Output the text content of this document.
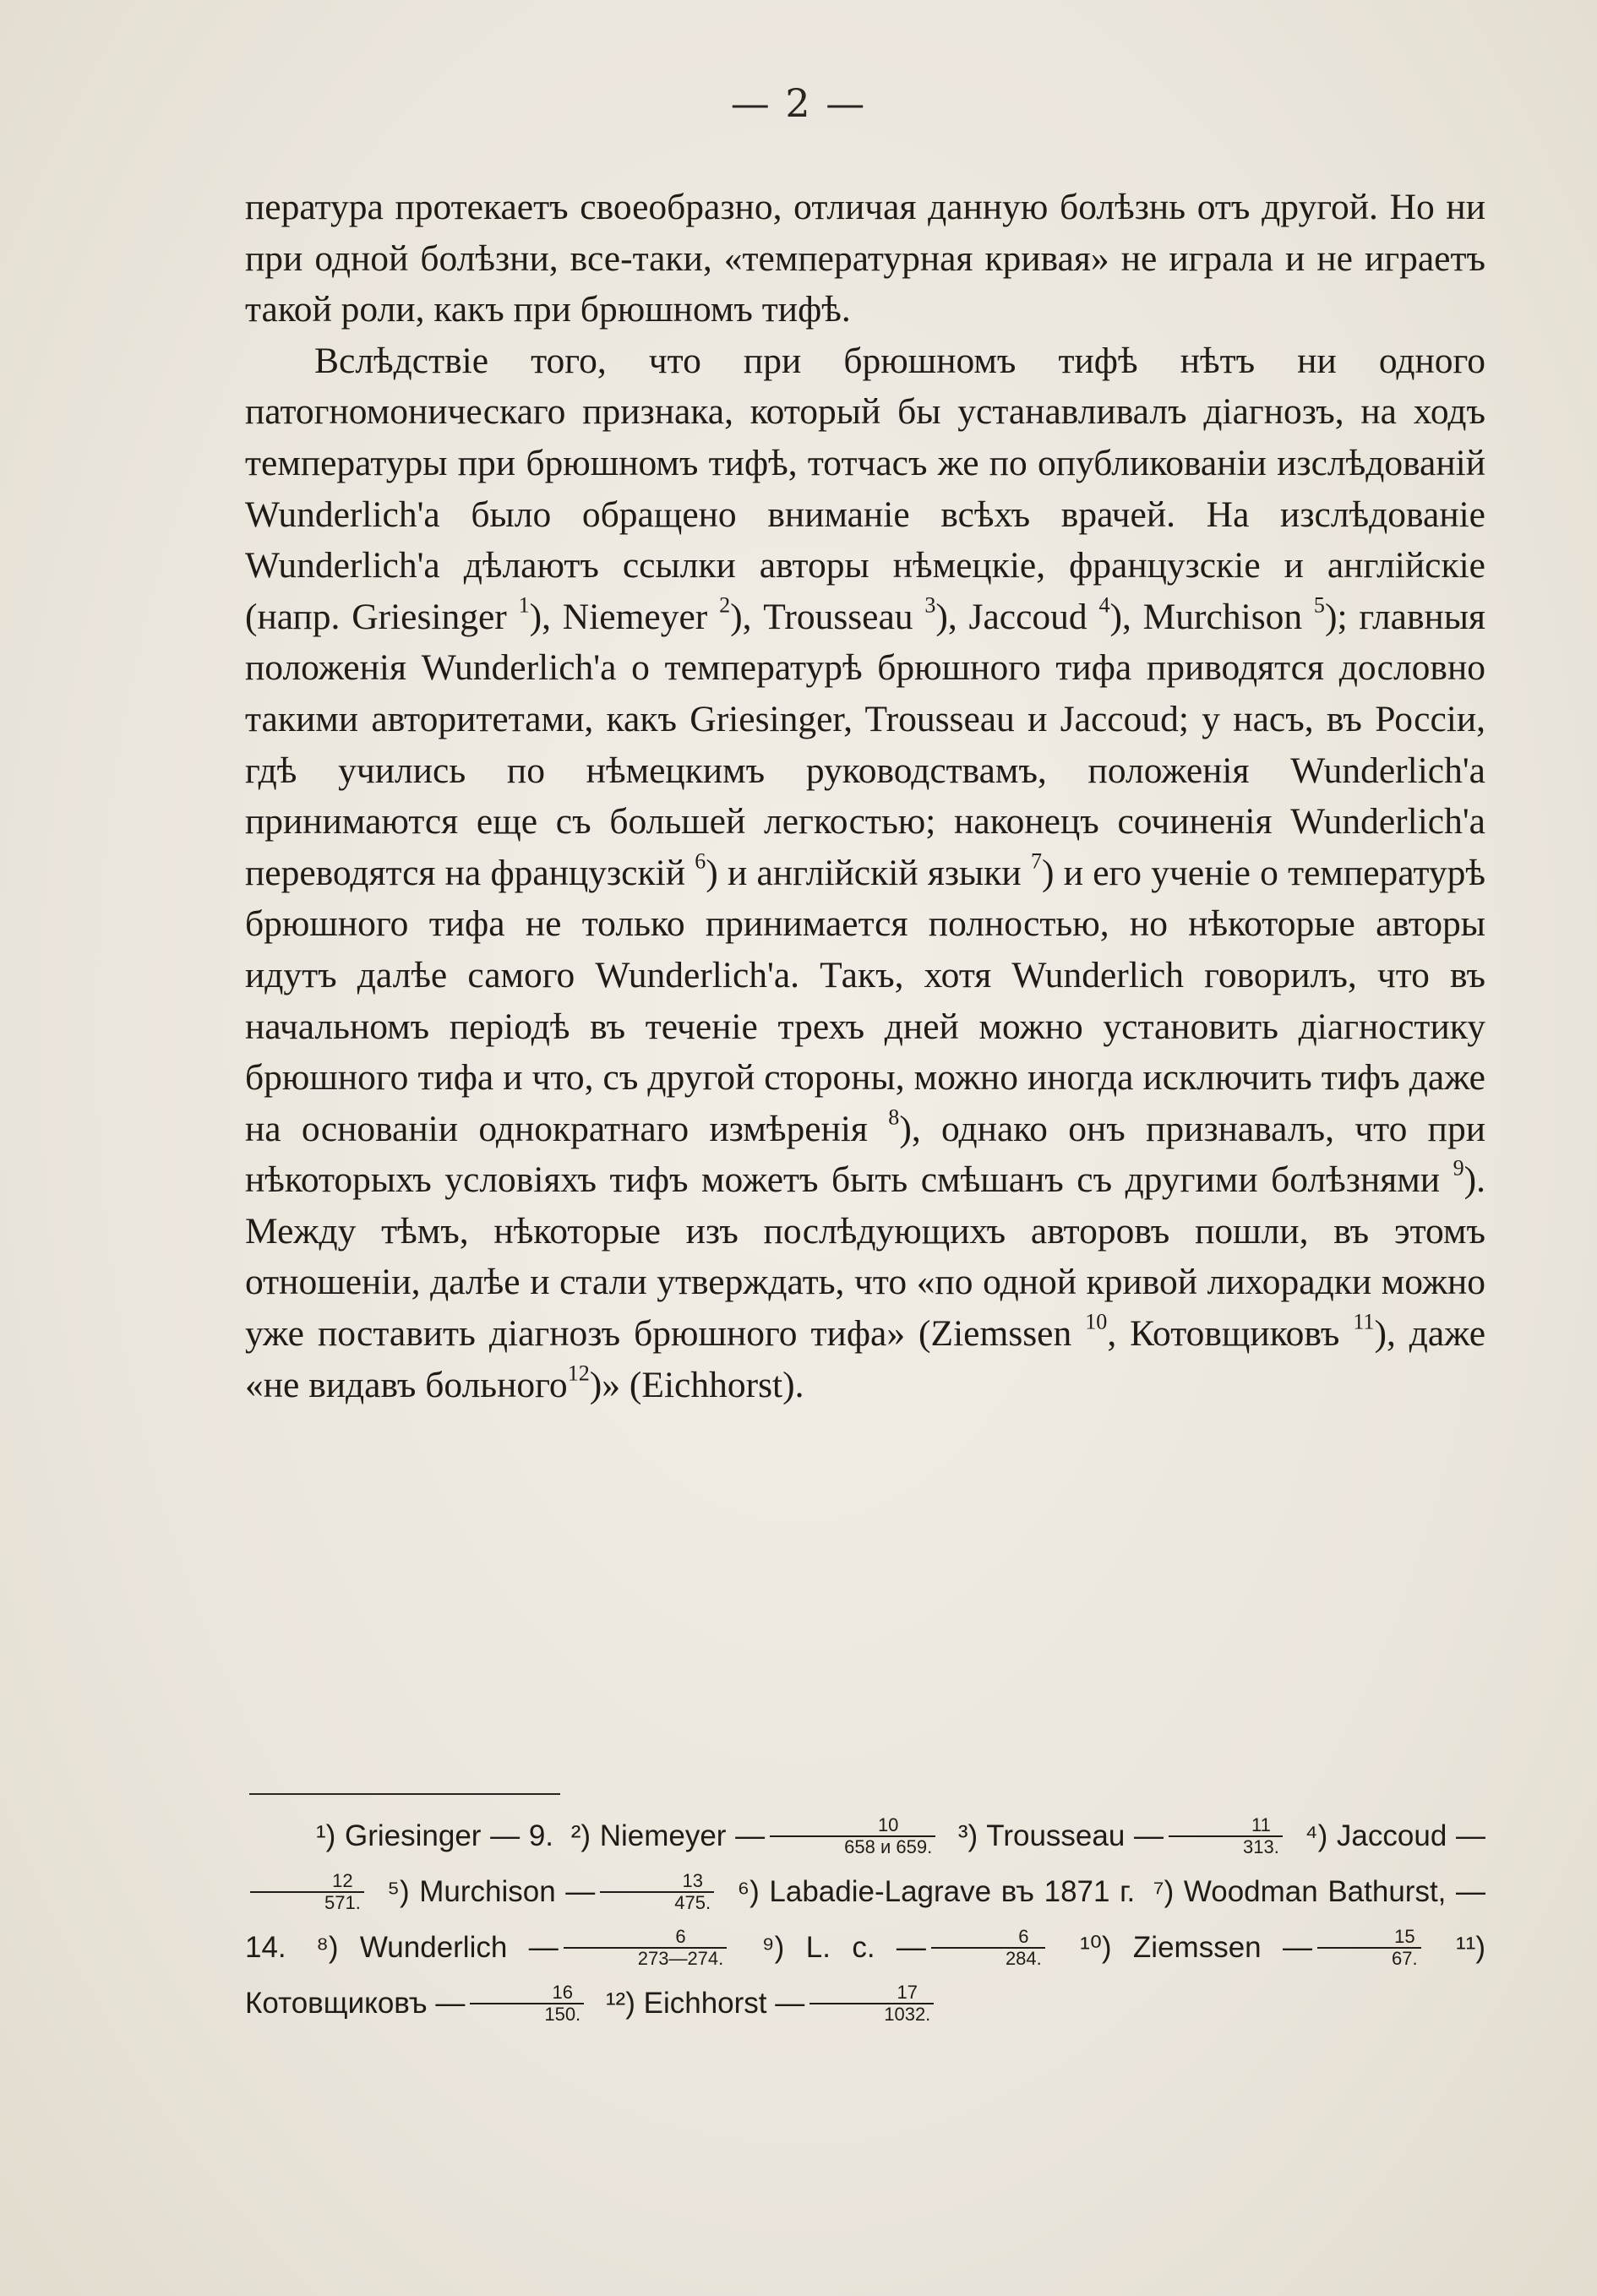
— 2 —

пература протекаетъ своеобразно, отличая данную болѣзнь отъ другой. Но ни при одной болѣзни, все-таки, «температурная кривая» не играла и не играетъ такой роли, какъ при брюшномъ тифѣ.

Вслѣдствіе того, что при брюшномъ тифѣ нѣтъ ни одного патогномоническаго признака, который бы устанавливалъ діагнозъ, на ходъ температуры при брюшномъ тифѣ, тотчасъ же по опубликованіи изслѣдованій Wunderlich'а было обращено вниманіе всѣхъ врачей. На изслѣдованіе Wunderlich'а дѣлаютъ ссылки авторы нѣмецкіе, французскіе и англійскіе (напр. Griesinger $^1$), Niemeyer $^2$), Trousseau $^3$), Jaccoud $^4$), Murchison $^5$); главныя положенія Wunderlich'а о температурѣ брюшного тифа приводятся дословно такими авторитетами, какъ Griesinger, Trousseau и Jaccoud; у насъ, въ Россіи, гдѣ учились по нѣмецкимъ руководствамъ, положенія Wunderlich'а принимаются еще съ большей легкостью; наконецъ сочиненія Wunderlich'а переводятся на французскій $^6$) и англійскій языки $^7$) и его ученіе о температурѣ брюшного тифа не только принимается полностью, но нѣкоторые авторы идутъ далѣе самого Wunderlich'а. Такъ, хотя Wunderlich говорилъ, что въ начальномъ періодѣ въ теченіе трехъ дней можно установить діагностику брюшного тифа и что, съ другой стороны, можно иногда исключить тифъ даже на основаніи однократнаго измѣренія $^8$), однако онъ признавалъ, что при нѣкоторыхъ условіяхъ тифъ можетъ быть смѣшанъ съ другими болѣзнями $^9$). Между тѣмъ, нѣкоторые изъ послѣдующихъ авторовъ пошли, въ этомъ отношеніи, далѣе и стали утверждать, что «по одной кривой лихорадки можно уже поставить діагнозъ брюшного тифа» (Ziemssen $^{10}$, Котовщиковъ $^{11}$), даже «не видавъ больного$^{12}$)» (Eichhorst).

¹) Griesinger — 9. ²) Niemeyer — $\frac{10}{658 и 659.} ^3$) Trousseau — $\frac{11}{313.} ^4$) Jaccoud —
$\frac{12}{571.} ^5$) Murchison — $\frac{13}{475.} ^6$) Labadie-Lagrave въ 1871 г. ⁷) Woodman Bathurst, — 14. ⁸) Wunderlich — $\frac{6}{273—274.} ^9$) L. c. — $\frac{6}{284.} ^{10}$) Ziemssen — $\frac{15}{67.} ^{11}$) Котовщиковъ — $\frac{16}{150.} ^{12}$) Eichhorst — $\frac{17}{1032.}$
